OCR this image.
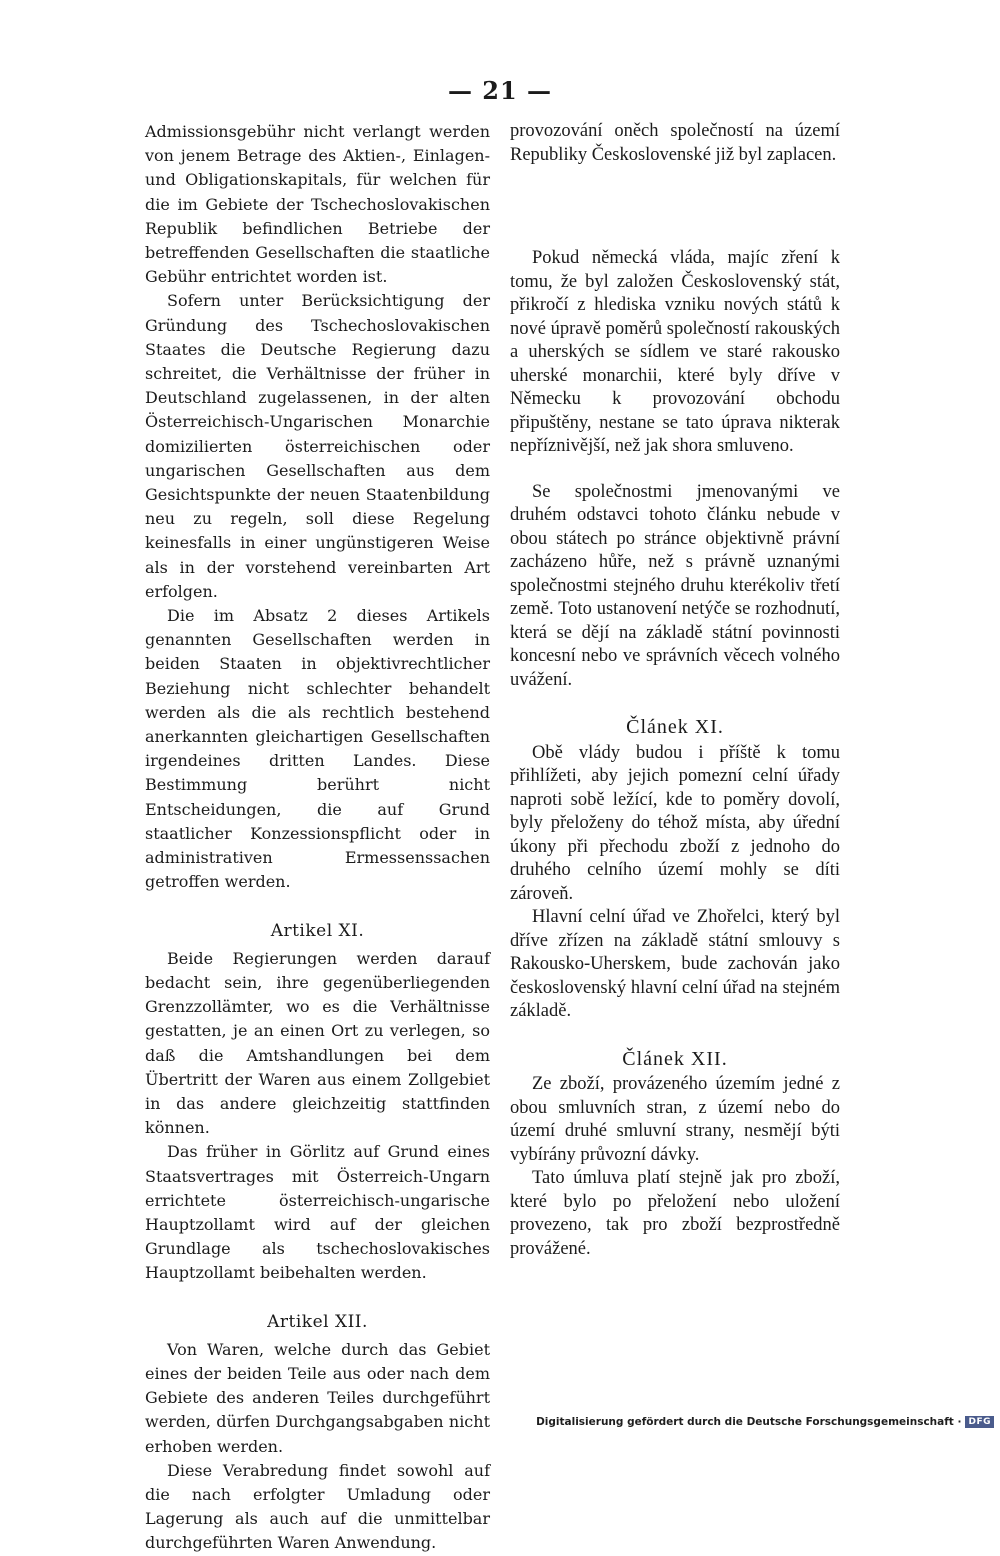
— 21 —

Admissionsgebühr nicht verlangt werden von jenem Betrage des Aktien-, Einlagen- und Obligationskapitals, für welchen für die im Gebiete der Tschechoslovakischen Republik befindlichen Betriebe der betreffenden Gesellschaften die staatliche Gebühr entrichtet worden ist.

Sofern unter Berücksichtigung der Gründung des Tschechoslovakischen Staates die Deutsche Regierung dazu schreitet, die Verhältnisse der früher in Deutschland zugelassenen, in der alten Österreichisch-Ungarischen Monarchie domizilierten österreichischen oder ungarischen Gesellschaften aus dem Gesichtspunkte der neuen Staatenbildung neu zu regeln, soll diese Regelung keinesfalls in einer ungünstigeren Weise als in der vorstehend vereinbarten Art erfolgen.

Die im Absatz 2 dieses Artikels genannten Gesellschaften werden in beiden Staaten in objektivrechtlicher Beziehung nicht schlechter behandelt werden als die als rechtlich bestehend anerkannten gleichartigen Gesellschaften irgendeines dritten Landes. Diese Bestimmung berührt nicht Entscheidungen, die auf Grund staatlicher Konzessionspflicht oder in administrativen Ermessenssachen getroffen werden.

Artikel XI.

Beide Regierungen werden darauf bedacht sein, ihre gegenüberliegenden Grenzzollämter, wo es die Verhältnisse gestatten, je an einen Ort zu verlegen, so daß die Amtshandlungen bei dem Übertritt der Waren aus einem Zollgebiet in das andere gleichzeitig stattfinden können.

Das früher in Görlitz auf Grund eines Staatsvertrages mit Österreich-Ungarn errichtete österreichisch-ungarische Hauptzollamt wird auf der gleichen Grundlage als tschechoslovakisches Hauptzollamt beibehalten werden.

Artikel XII.

Von Waren, welche durch das Gebiet eines der beiden Teile aus oder nach dem Gebiete des anderen Teiles durchgeführt werden, dürfen Durchgangsabgaben nicht erhoben werden.

Diese Verabredung findet sowohl auf die nach erfolgter Umladung oder Lagerung als auch auf die unmittelbar durchgeführten Waren Anwendung.

provozování oněch společností na území Republiky Československé již byl zaplacen.

Pokud německá vláda, majíc zření k tomu, že byl založen Československý stát, přikročí z hlediska vzniku nových států k nové úpravě poměrů společností rakouských a uherských se sídlem ve staré rakousko uherské monarchii, které byly dříve v Německu k provozování obchodu připuštěny, nestane se tato úprava nikterak nepříznivější, než jak shora smluveno.

Se společnostmi jmenovanými ve druhém odstavci tohoto článku nebude v obou státech po stránce objektivně právní zacházeno hůře, než s právně uznanými společnostmi stejného druhu kterékoliv třetí země. Toto ustanovení netýče se rozhodnutí, která se dějí na základě státní povinnosti koncesní nebo ve správních věcech volného uvážení.

Článek XI.

Obě vlády budou i příště k tomu přihlížeti, aby jejich pomezní celní úřady naproti sobě ležící, kde to poměry dovolí, byly přeloženy do téhož místa, aby úřední úkony při přechodu zboží z jednoho do druhého celního území mohly se díti zároveň.

Hlavní celní úřad ve Zhořelci, který byl dříve zřízen na základě státní smlouvy s Rakousko-Uherskem, bude zachován jako československý hlavní celní úřad na stejném základě.

Článek XII.

Ze zboží, provázeného územím jedné z obou smluvních stran, z území nebo do území druhé smluvní strany, nesmějí býti vybírány průvozní dávky.

Tato úmluva platí stejně jak pro zboží, které bylo po přeložení nebo uložení provezeno, tak pro zboží bezprostředně provážené.

Digitalisierung gefördert durch die Deutsche Forschungsgemeinschaft · DFG
